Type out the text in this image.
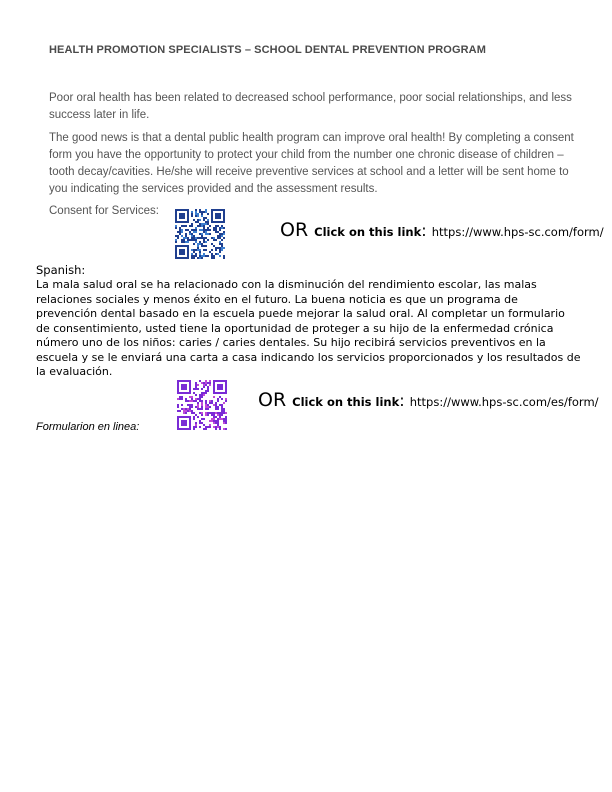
HEALTH PROMOTION SPECIALISTS – SCHOOL DENTAL PREVENTION PROGRAM
Poor oral health has been related to decreased school performance, poor social relationships, and less success later in life.
The good news is that a dental public health program can improve oral health! By completing a consent form you have the opportunity to protect your child from the number one chronic disease of children – tooth decay/cavities. He/she will receive preventive services at school and a letter will be sent home to you indicating the services provided and the assessment results.
Consent for Services:
OR Click on this link: https://www.hps-sc.com/form/
Spanish:
La mala salud oral se ha relacionado con la disminución del rendimiento escolar, las malas relaciones sociales y menos éxito en el futuro. La buena noticia es que un programa de prevención dental basado en la escuela puede mejorar la salud oral. Al completar un formulario de consentimiento, usted tiene la oportunidad de proteger a su hijo de la enfermedad crónica número uno de los niños: caries / caries dentales. Su hijo recibirá servicios preventivos en la escuela y se le enviará una carta a casa indicando los servicios proporcionados y los resultados de la evaluación.
OR Click on this link: https://www.hps-sc.com/es/form/
Formularion en linea:
